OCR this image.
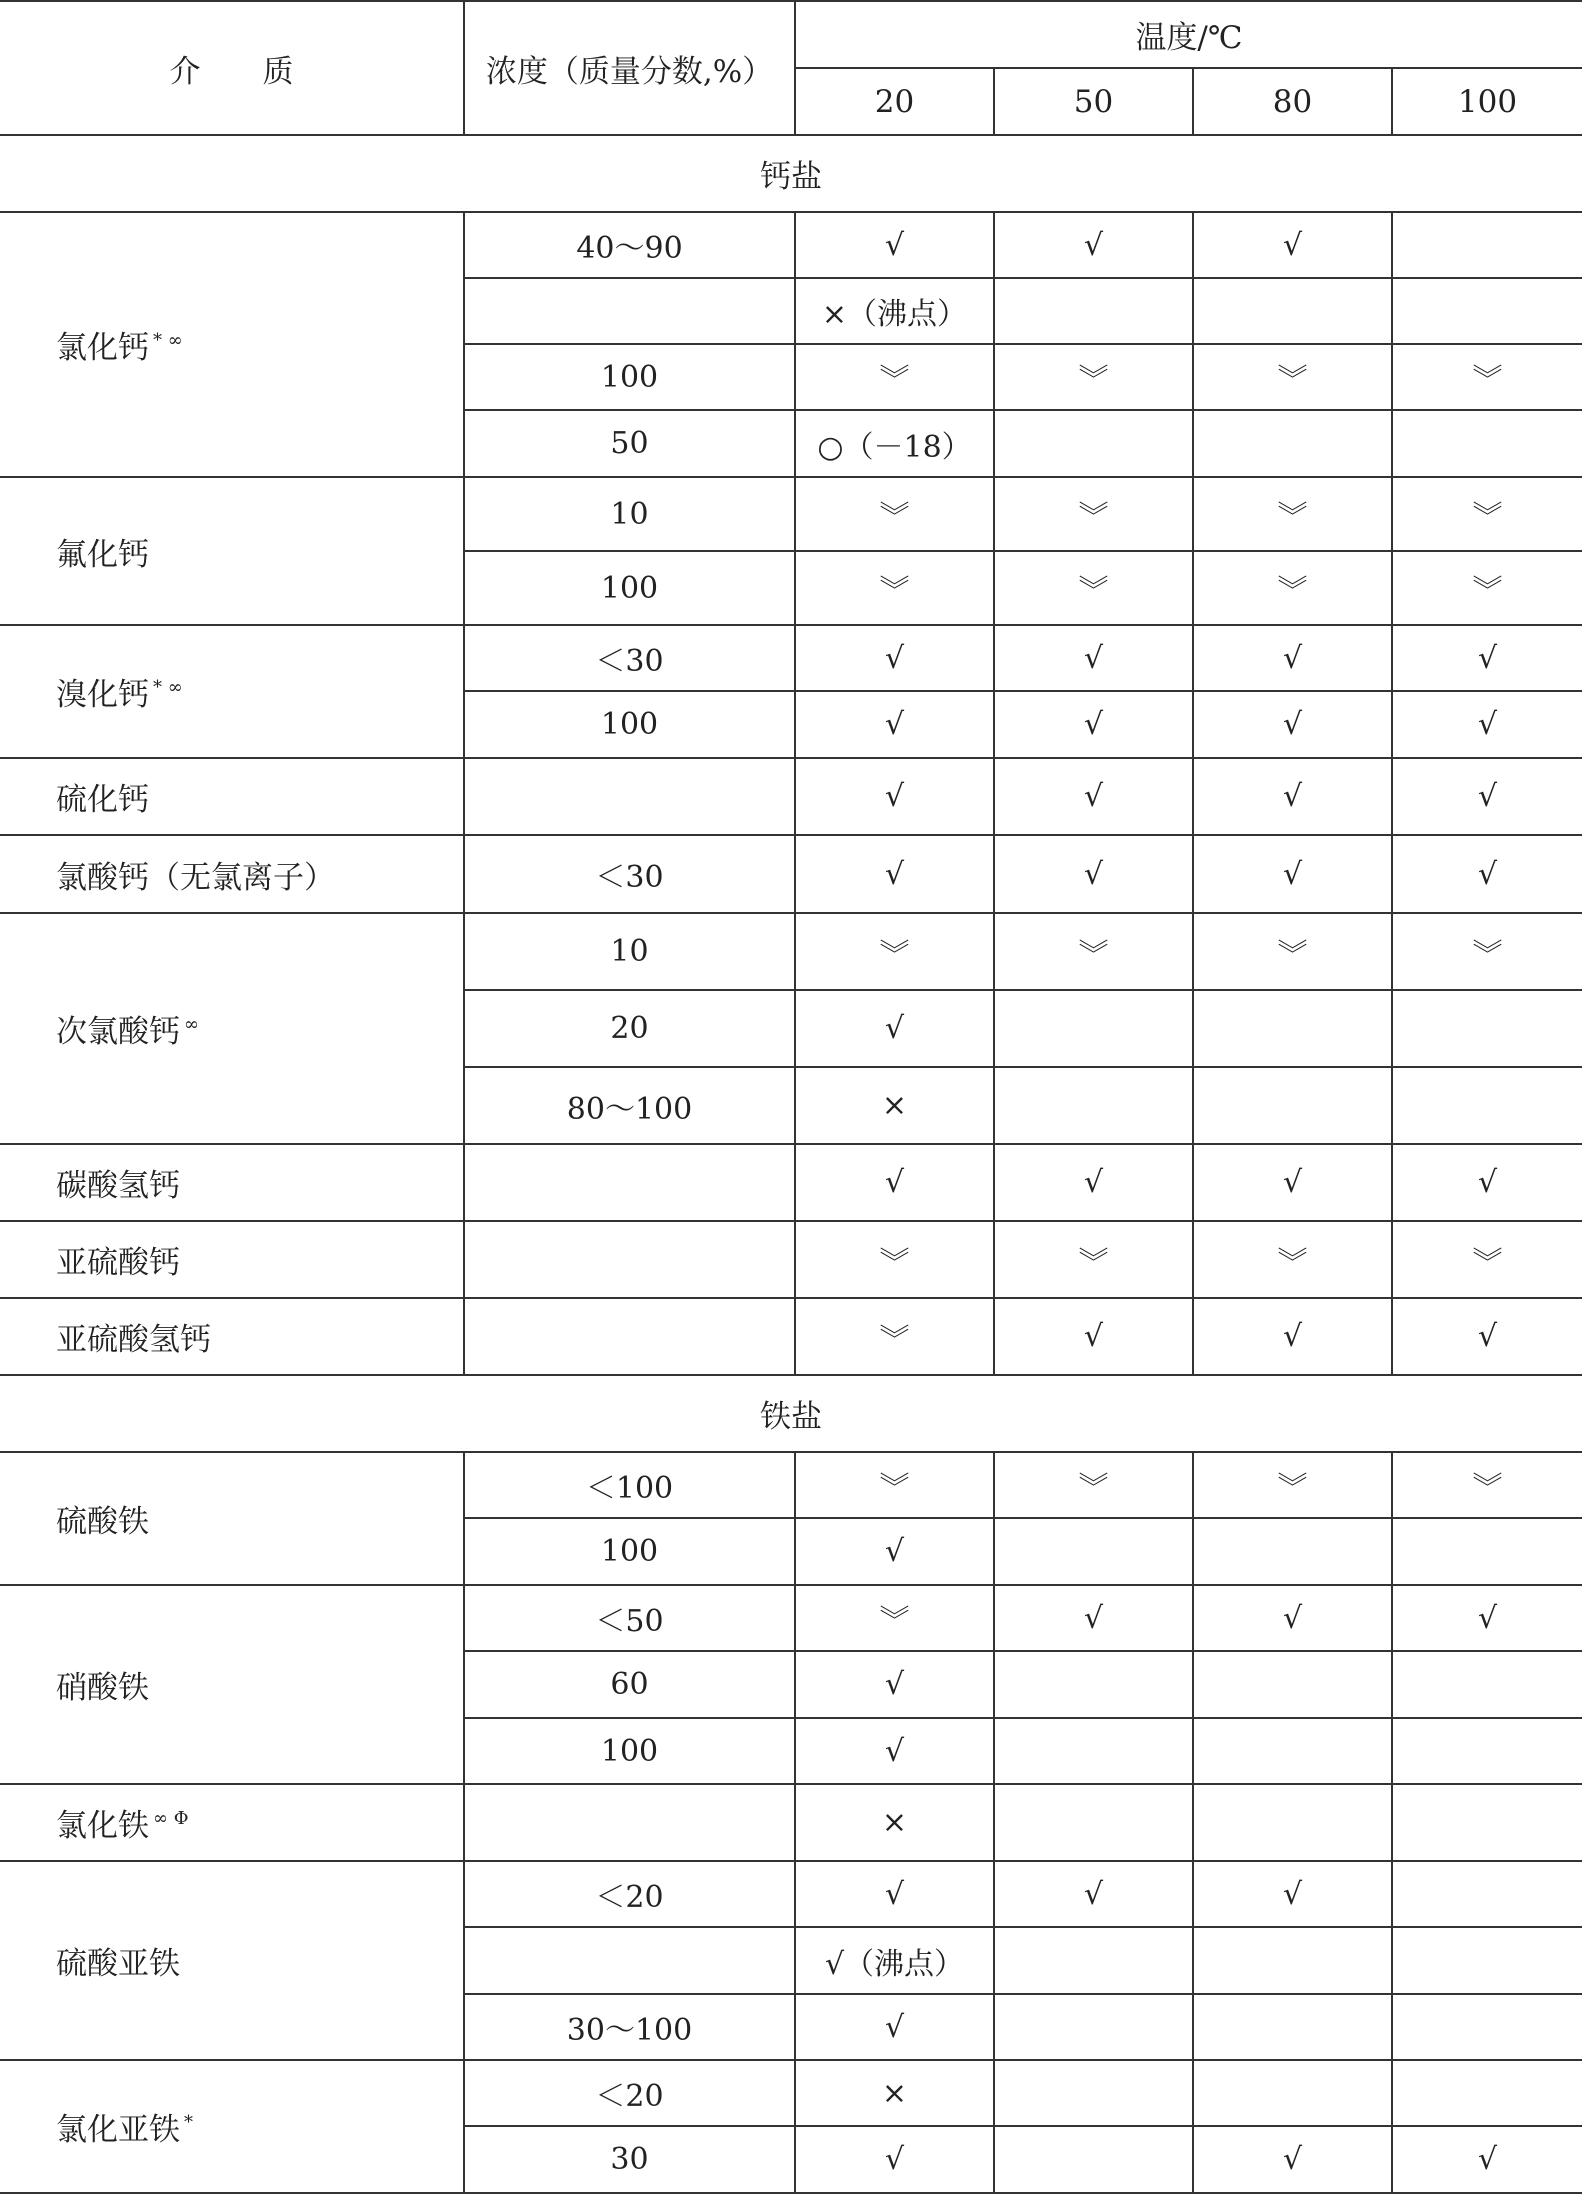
介　　质	浓度（质量分数,%）	温度/℃			
		20	50	80	100
钙盐					
氯化钙 * ∞	40～90	√	√	√	
		×（沸点）			
	100	︾	︾	︾	︾
	50	○（－18）			
氟化钙	10	︾	︾	︾	︾
	100	︾	︾	︾	︾
溴化钙 * ∞	＜30	√	√	√	√
	100	√	√	√	√
硫化钙		√	√	√	√
氯酸钙（无氯离子）	＜30	√	√	√	√
次氯酸钙 ∞	10	︾	︾	︾	︾
	20	√			
	80～100	×			
碳酸氢钙		√	√	√	√
亚硫酸钙		︾	︾	︾	︾
亚硫酸氢钙		︾	√	√	√
铁盐					
硫酸铁	＜100	︾	︾	︾	︾
	100	√			
硝酸铁	＜50	︾	√	√	√
	60	√			
	100	√			
氯化铁 $^{\infty \Phi}$		×			
硫酸亚铁	＜20	√	√	√	
		√（沸点）			
	30～100	√			
氯化亚铁 *	＜20	×			
	30	√		√	√
